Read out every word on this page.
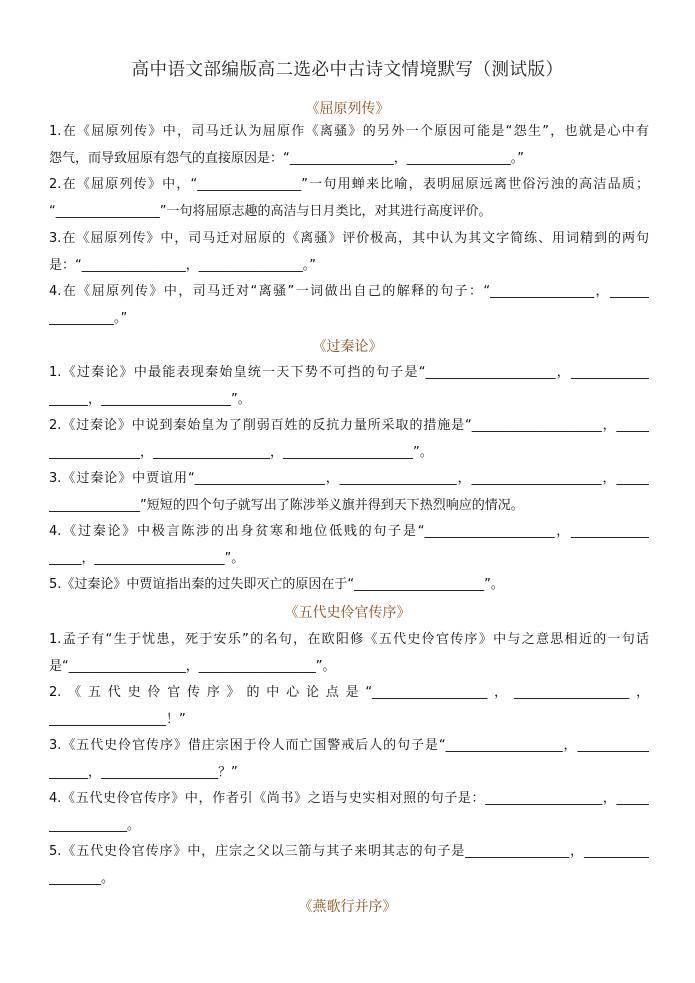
高中语文部编版高二选必中古诗文情境默写（测试版）
《屈原列传》
1.在《屈原列传》中，司马迁认为屈原作《离骚》的另外一个原因可能是“怨生”，也就是心中有
怨气，而导致屈原有怨气的直接原因是：“________________，________________。”
2.在《屈原列传》中，“________________”一句用蝉来比喻，表明屈原远离世俗污浊的高洁品质；
“________________”一句将屈原志趣的高洁与日月类比，对其进行高度评价。
3.在《屈原列传》中，司马迁对屈原的《离骚》评价极高，其中认为其文字简练、用词精到的两句
是：“________________，________________。”
4.在《屈原列传》中，司马迁对“离骚”一词做出自己的解释的句子：“________________，______
__________。”
《过秦论》
1.《过秦论》中最能表现秦始皇统一天下势不可挡的句子是“____________________，____________
______，____________________”。
2.《过秦论》中说到秦始皇为了削弱百姓的反抗力量所采取的措施是“____________________，_____
______________，__________________，____________________”。
3.《过秦论》中贾谊用“____________________，__________________，____________________，_____
______________”短短的四个句子就写出了陈涉举义旗并得到天下热烈响应的情况。
4.《过秦论》中极言陈涉的出身贫寒和地位低贱的句子是“____________________，____________
_____，____________________”。
5.《过秦论》中贾谊指出秦的过失即灭亡的原因在于“____________________”。
《五代史伶官传序》
1.孟子有“生于忧患，死于安乐”的名句，在欧阳修《五代史伶官传序》中与之意思相近的一句话
是“__________________，__________________”。
2.《五代史伶官传序》的中心论点是“__________________，__________________，
__________________！”
3.《五代史伶官传序》借庄宗困于伶人而亡国警戒后人的句子是“__________________，___________
______，__________________？”
4.《五代史伶官传序》中，作者引《尚书》之语与史实相对照的句子是：__________________，_____
____________。
5.《五代史伶官传序》中，庄宗之父以三箭与其子来明其志的句子是________________，__________
________。
《燕歌行并序》
